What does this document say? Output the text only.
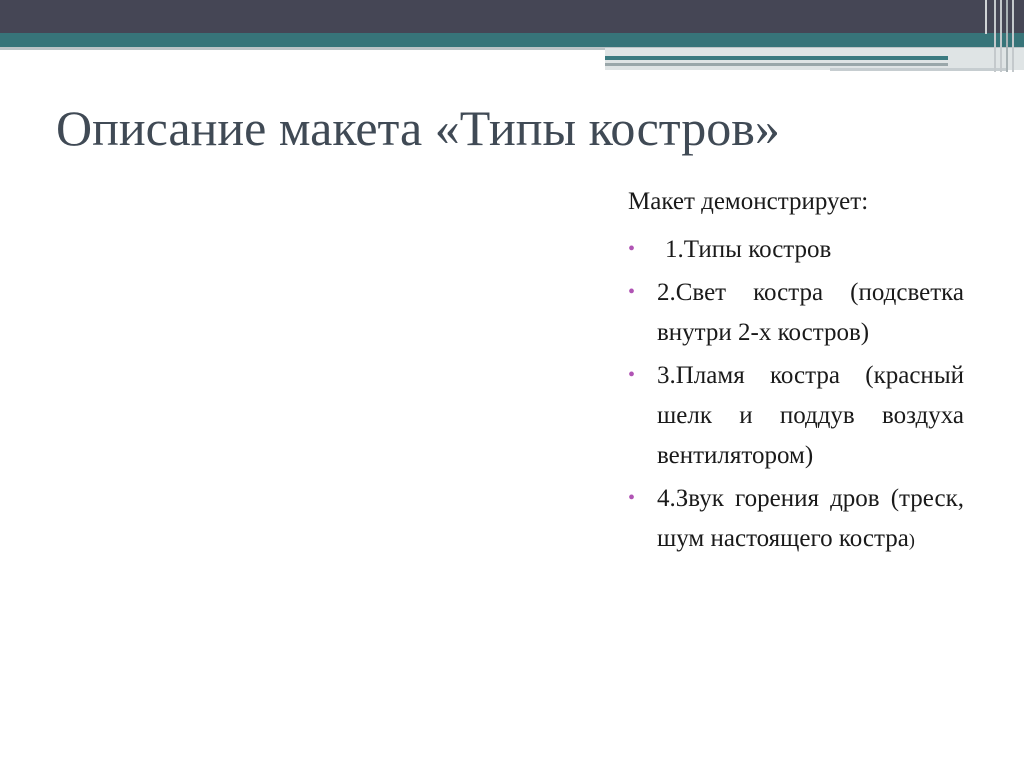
Описание макета «Типы костров»

Макет демонстрирует:

• 1.Типы костров
• 2.Свет костра (подсветка внутри 2-х костров)
• 3.Пламя костра (красный шелк и поддув воздуха вентилятором)
• 4.Звук горения дров (треск, шум настоящего костра)
